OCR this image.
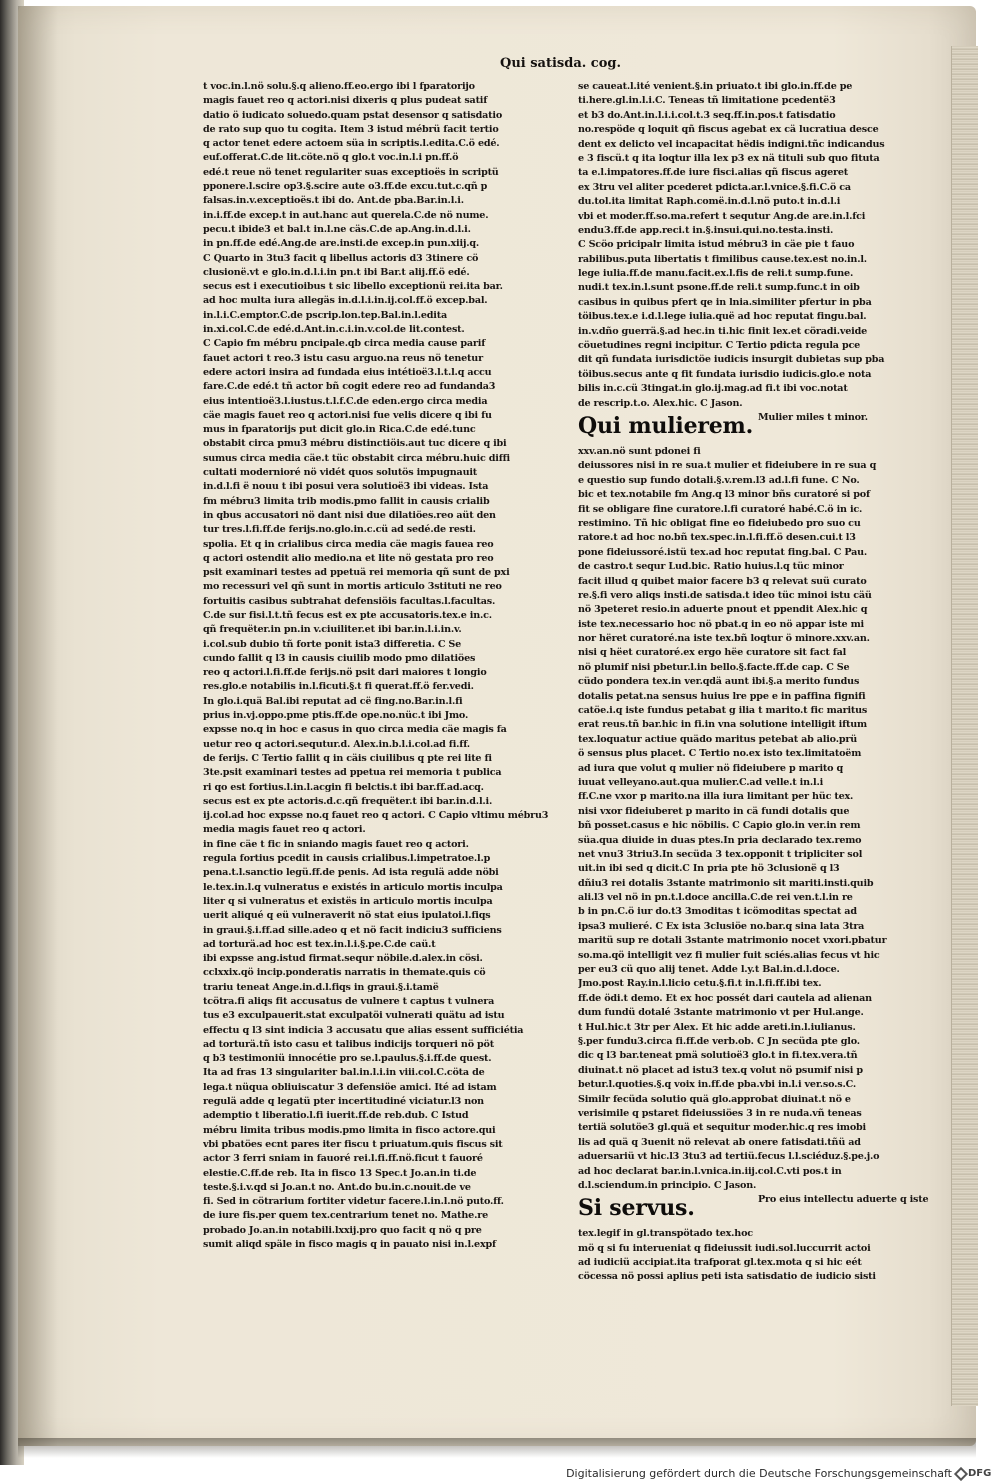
Qui satisda. cog.
t voc.in.l.nö solu.§.q alieno.ff.eo.ergo ibi l fparatorijo
magis fauet reo q actori.nisi dixeris q plus pudeat satif
datio ö iudicato soluedo.quam pstat desensor q satisdatio
de rato sup quo tu cogita. Item 3 istud mébrü facit tertio
q actor tenet edere actoem süa in scriptis.l.edita.C.ö edé.
euf.offerat.C.de lit.cöte.nö q glo.t voc.in.l.i pn.ff.ö
edé.t reue nö tenet regulariter suas exceptioës in scriptü
pponere.l.scire op3.§.scire aute o3.ff.de excu.tut.c.qñ p
falsas.in.v.exceptioës.t ibi do. Ant.de pba.Bar.in.l.i.
in.i.ff.de excep.t in aut.hanc aut querela.C.de nö nume.
pecu.t ibide3 et bal.t in.l.ne cäs.C.de ap.Ang.in.d.l.i.
in pn.ff.de edé.Ang.de are.insti.de excep.in pun.xiij.q.
C Quarto in 3tu3 facit q libellus actoris d3 3tinere cö
clusionë.vt e glo.in.d.l.i.in pn.t ibi Bar.t alij.ff.ö edé.
secus est i executioibus t sic libello exceptionü rei.ita bar.
ad hoc multa iura allegäs in.d.l.i.in.ij.col.ff.ö excep.bal.
in.l.i.C.emptor.C.de pscrip.lon.tep.Bal.in.l.edita
in.xi.col.C.de edé.d.Ant.in.c.i.in.v.col.de lit.contest.
C Capio fm mébru pncipale.qb circa media cause parif
fauet actori t reo.3 istu casu arguo.na reus nö tenetur
edere actori insira ad fundada eius intétioë3.l.t.l.q accu
fare.C.de edé.t tñ actor bñ cogit edere reo ad fundanda3
eius intentioë3.l.iustus.t.l.f.C.de eden.ergo circa media
cäe magis fauet reo q actori.nisi fue velis dicere q ibi fu
mus in fparatorijs put dicit glo.in Rica.C.de edé.tunc
obstabit circa pmu3 mébru distinctiöis.aut tuc dicere q ibi
sumus circa media cäe.t tüc obstabit circa mébru.huic diffi
cultati modernioré nö vidét quos solutös impugnauit
in.d.l.fi ë nouu t ibi posui vera solutioë3 ibi videas. Ista
fm mébru3 limita trib modis.pmo fallit in causis crialib
in qbus accusatori nö dant nisi due dilatiöes.reo aüt den
tur tres.l.fi.ff.de ferijs.no.glo.in.c.cü ad sedé.de resti.
spolia. Et q in crialibus circa media cäe magis fauea reo
q actori ostendit alio medio.na et lite nö gestata pro reo
psit examinari testes ad ppetuä rei memoria qñ sunt de pxi
mo recessuri vel qñ sunt in mortis articulo 3stituti ne reo
fortuitis casibus subtrahat defensiöis facultas.l.facultas.
C.de sur fisi.l.t.tñ fecus est ex pte accusatoris.tex.e in.c.
qñ frequëter.in pn.in v.ciuiliter.et ibi bar.in.l.i.in.v.
i.col.sub dubio tñ forte ponit ista3 differetia. C Se
cundo fallit q l3 in causis ciuilib modo pmo dilatiöes
reo q actori.l.fi.ff.de ferijs.nö psit dari maiores t longio
res.glo.e notabilis in.l.ficuti.§.t fi querat.ff.ö fer.vedi.
In glo.i.quä Bal.ibi reputat ad cë fing.no.Bar.in.l.fi
prius in.vj.oppo.pme ptis.ff.de ope.no.nüc.t ibi Jmo.
expsse no.q in hoc e casus in quo circa media cäe magis fa
uetur reo q actori.sequtur.d. Alex.in.b.l.i.col.ad fi.ff.
de ferijs. C Tertio fallit q in cäis ciuilibus q pte rei lite fi
3te.psit examinari testes ad ppetua rei memoria t publica
ri qo est fortius.l.in.l.acgin fi belctis.t ibi bar.ff.ad.acq.
secus est ex pte actoris.d.c.qñ frequëter.t ibi bar.in.d.l.i.
ij.col.ad hoc expsse no.q fauet reo q actori. C Capio vltimu mébru3
media magis fauet reo q actori.
in fine cäe t fic in sniando magis fauet reo q actori.
regula fortius pcedit in causis crialibus.l.impetratoe.l.p
pena.t.l.sanctio legü.ff.de penis. Ad ista regulä adde nöbi
le.tex.in.l.q vulneratus e existés in articulo mortis inculpa
liter q si vulneratus et existës in articulo mortis inculpa
uerit aliqué q eü vulneraverit nö stat eius ipulatoi.l.fiqs
in graui.§.i.ff.ad sille.adeo q et nö facit indiciu3 sufficiens
ad torturä.ad hoc est tex.in.l.i.§.pe.C.de caü.t
ibi expsse ang.istud firmat.sequr nöbile.d.alex.in cösi.
cclxxix.qö incip.ponderatis narratis in themate.quis cö
trariu teneat Ange.in.d.l.fiqs in graui.§.i.tamë
tcötra.fi aliqs fit accusatus de vulnere t captus t vulnera
tus e3 exculpauerit.stat exculpatöi vulnerati quätu ad istu
effectu q l3 sint indicia 3 accusatu que alias essent sufficiétia
ad torturä.tñ isto casu et talibus indicijs torqueri nö pöt
q b3 testimoniü innocétie pro se.l.paulus.§.i.ff.de quest.
Ita ad fras 13 singulariter bal.in.l.i.in viii.col.C.cöta de
lega.t nüqua obliuiscatur 3 defensiöe amici. Ité ad istam
regulä adde q legatü pter incertitudiné viciatur.l3 non
ademptio t liberatio.l.fi iuerit.ff.de reb.dub. C Istud
mébru limita tribus modis.pmo limita in fisco actore.qui
vbi pbatöes ecnt pares iter fiscu t priuatum.quis fiscus sit
actor 3 ferri sniam in fauoré rei.l.fi.ff.nö.ficut t fauoré
elestie.C.ff.de reb. Ita in fisco 13 Spec.t Jo.an.in ti.de
teste.§.i.v.qd si Jo.an.t no. Ant.do bu.in.c.nouit.de ve
fi. Sed in cötrarium fortiter videtur facere.l.in.l.nö puto.ff.
de iure fis.per quem tex.centrarium tenet no. Mathe.re
probado Jo.an.in notabili.lxxij.pro quo facit q nö q pre
sumit aliqd späle in fisco magis q in pauato nisi in.l.expf
se caueat.l.ité venient.§.in priuato.t ibi glo.in.ff.de pe
ti.here.gl.in.l.i.C. Teneas tñ limitatione pcedentë3
et b3 do.Ant.in.l.i.i.col.t.3 seq.ff.in.pos.t fatisdatio
no.respöde q loquit qñ fiscus agebat ex cä lucratiua desce
dent ex delicto vel incapacitat hëdis indigni.tñc indicandus
e 3 fiscü.t q ita loqtur illa lex p3 ex nä tituli sub quo fituta
ta e.l.impatores.ff.de iure fisci.alias qñ fiscus ageret
ex 3tru vel aliter pcederet pdicta.ar.l.vnice.§.fi.C.ö ca
du.tol.ita limitat Raph.comë.in.d.l.nö puto.t in.d.l.i
vbi et moder.ff.so.ma.refert t sequtur Ang.de are.in.l.fci
endu3.ff.de app.reci.t in.§.insui.qui.no.testa.insti.
C Scöo pricipalr limita istud mébru3 in cäe pie t fauo
rabilibus.puta libertatis t fimilibus cause.tex.est no.in.l.
lege iulia.ff.de manu.facit.ex.l.fis de reli.t sump.fune.
nudi.t tex.in.l.sunt psone.ff.de reli.t sump.func.t in oib
casibus in quibus pfert qe in lnia.similiter pfertur in pba
töibus.tex.e i.d.l.lege iulia.quë ad hoc reputat fingu.bal.
in.v.dño guerrä.§.ad hec.in ti.hic finit lex.et cöradi.veide
cöuetudines regni incipitur. C Tertio pdicta regula pce
dit qñ fundata iurisdictöe iudicis insurgit dubietas sup pba
töibus.secus ante q fit fundata iurisdio iudicis.glo.e nota
bilis in.c.cü 3tingat.in glo.ij.mag.ad fi.t ibi voc.notat
de rescrip.t.o. Alex.hic. C Jason.
Qui mulierem. Mulier miles t minor.
xxv.an.nö sunt pdonei fi
deiussores nisi in re sua.t mulier et fideiubere in re sua q
e questio sup fundo dotali.§.v.rem.l3 ad.l.fi fune. C No.
bic et tex.notabile fm Ang.q l3 minor bñs curatoré si pof
fit se obligare fine curatore.l.fi curatoré habé.C.ö in ic.
restimino. Tñ hic obligat fine eo fideiubedo pro suo cu
ratore.t ad hoc no.bñ tex.spec.in.l.fi.ff.ö desen.cui.t l3
pone fideiussoré.istü tex.ad hoc reputat fing.bal. C Pau.
de castro.t sequr Lud.bic. Ratio huius.l.q tüc minor
facit illud q quibet maior facere b3 q relevat suü curato
re.§.fi vero aliqs insti.de satisda.t ideo tüc minoi istu cäü
nö 3peteret resio.in aduerte pnout et ppendit Alex.hic q
iste tex.necessario hoc nö pbat.q in eo nö appar iste mi
nor hëret curatoré.na iste tex.bñ loqtur ö minore.xxv.an.
nisi q hëet curatoré.ex ergo hëe curatore sit fact fal
nö plumif nisi pbetur.l.in bello.§.facte.ff.de cap. C Se
cüdo pondera tex.in ver.qdä aunt ibi.§.a merito fundus
dotalis petat.na sensus huius lre ppe e in paffina fignifi
catöe.i.q iste fundus petabat g ilia t marito.t fic maritus
erat reus.tñ bar.hic in fi.in vna solutione intelligit iftum
tex.loquatur actiue quädo maritus petebat ab alio.prü
ö sensus plus placet. C Tertio no.ex isto tex.limitatoëm
ad iura que volut q mulier nö fideiubere p marito q
iuuat velleyano.aut.qua mulier.C.ad velle.t in.l.i
ff.C.ne vxor p marito.na illa iura limitant per hüc tex.
nisi vxor fideiuberet p marito in cä fundi dotalis que
bñ posset.casus e hic nöbilis. C Capio glo.in ver.in rem
süa.qua diuide in duas ptes.In pria declarado tex.remo
net vnu3 3triu3.In secüda 3 tex.opponit t tripliciter sol
uit.in ibi sed q dicit.C In pria pte hö 3clusionë q l3
dñiu3 rei dotalis 3stante matrimonio sit mariti.insti.quib
ali.l3 vel nö in pn.t.l.doce ancilla.C.de rei ven.t.l.in re
b in pn.C.ö iur do.t3 3moditas t icömoditas spectat ad
ipsa3 mulieré. C Ex ista 3clusiöe no.bar.q sina lata 3tra
maritü sup re dotali 3stante matrimonio nocet vxori.pbatur
so.ma.qö intelligit vez fi mulier fuit sciés.alias fecus vt hic
per eu3 cü quo alij tenet. Adde l.y.t Bal.in.d.l.doce.
Jmo.post Ray.in.l.licio cetu.§.fi.t in.l.fi.ff.ibi tex.
ff.de ödi.t demo. Et ex hoc possét dari cautela ad alienan
dum fundü dotalé 3stante matrimonio vt per Hul.ange.
t Hul.hic.t 3tr per Alex. Et hic adde areti.in.l.iulianus.
§.per fundu3.circa fi.ff.de verb.ob. C Jn secüda pte glo.
dic q l3 bar.teneat pmä solutioë3 glo.t in fi.tex.vera.tñ
diuinat.t nö placet ad istu3 tex.q volut nö psumif nisi p
betur.l.quoties.§.q voix in.ff.de pba.vbi in.l.i ver.so.s.C.
Similr fecüda solutio quä glo.approbat diuinat.t nö e
verisimile q pstaret fideiussiöes 3 in re nuda.vñ teneas
tertiä solutöe3 gl.quä et sequitur moder.hic.q res imobi
lis ad quä q 3uenit nö relevat ab onere fatisdati.tñü ad
aduersariü vt hic.l3 3tu3 ad tertiü.fecus l.l.sciéduz.§.pe.j.o
ad hoc declarat bar.in.l.vnica.in.iij.col.C.vti pos.t in
d.l.sciendum.in principio. C Jason.
Si servus.	Pro eius intellectu aduerte q iste
tex.legif in gl.transpötado tex.hoc
mö q si fu interueniat q fideiussit iudi.sol.luccurrit actoi
ad iudiciü accipiat.ita trafporat gl.tex.mota q si hic eét
cöcessa nö possi aplius peti ista satisdatio de iudicio sisti
Digitalisierung gefördert durch die Deutsche Forschungsgemeinschaft DFG
